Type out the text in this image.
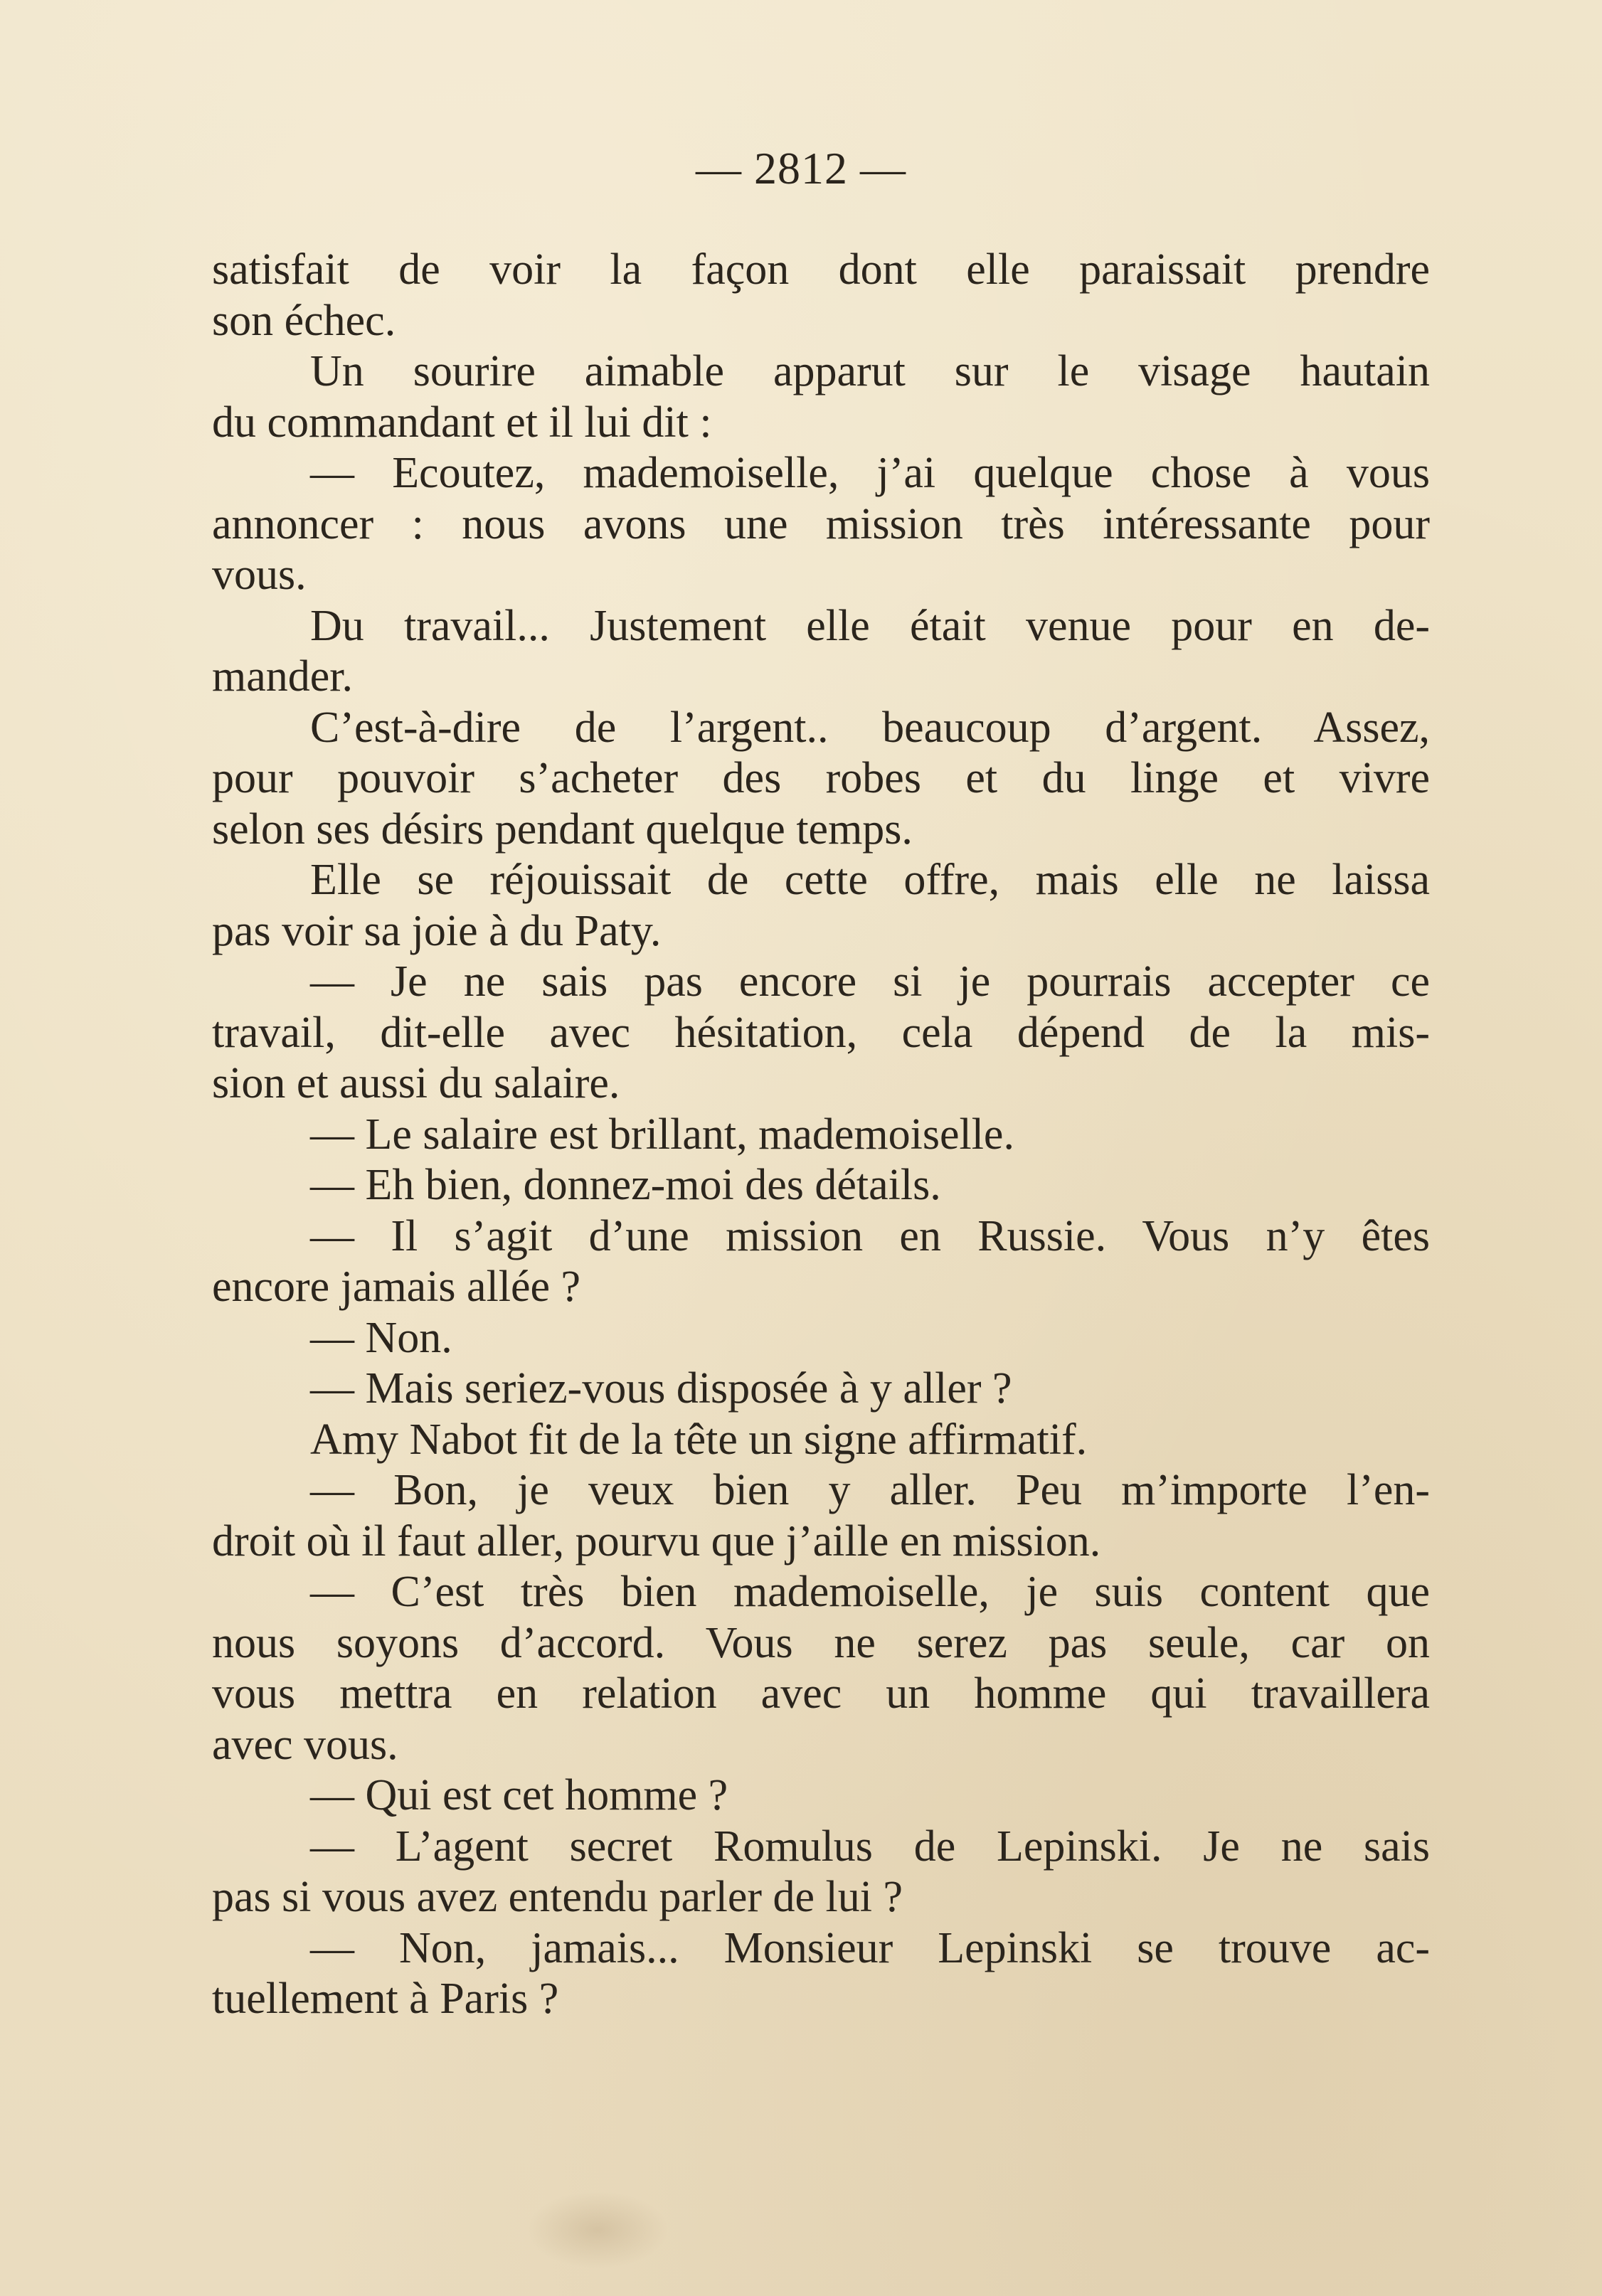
— 2812 —
satisfait de voir la façon dont elle paraissait prendre
son échec.
Un sourire aimable apparut sur le visage hautain
du commandant et il lui dit :
— Ecoutez, mademoiselle, j’ai quelque chose à vous
annoncer : nous avons une mission très intéressante pour
vous.
Du travail... Justement elle était venue pour en de-
mander.
C’est-à-dire de l’argent.. beaucoup d’argent. Assez,
pour pouvoir s’acheter des robes et du linge et vivre
selon ses désirs pendant quelque temps.
Elle se réjouissait de cette offre, mais elle ne laissa
pas voir sa joie à du Paty.
— Je ne sais pas encore si je pourrais accepter ce
travail, dit-elle avec hésitation, cela dépend de la mis-
sion et aussi du salaire.
— Le salaire est brillant, mademoiselle.
— Eh bien, donnez-moi des détails.
— Il s’agit d’une mission en Russie. Vous n’y êtes
encore jamais allée ?
— Non.
— Mais seriez-vous disposée à y aller ?
Amy Nabot fit de la tête un signe affirmatif.
— Bon, je veux bien y aller. Peu m’importe l’en-
droit où il faut aller, pourvu que j’aille en mission.
— C’est très bien mademoiselle, je suis content que
nous soyons d’accord. Vous ne serez pas seule, car on
vous mettra en relation avec un homme qui travaillera
avec vous.
— Qui est cet homme ?
— L’agent secret Romulus de Lepinski. Je ne sais
pas si vous avez entendu parler de lui ?
— Non, jamais... Monsieur Lepinski se trouve ac-
tuellement à Paris ?
